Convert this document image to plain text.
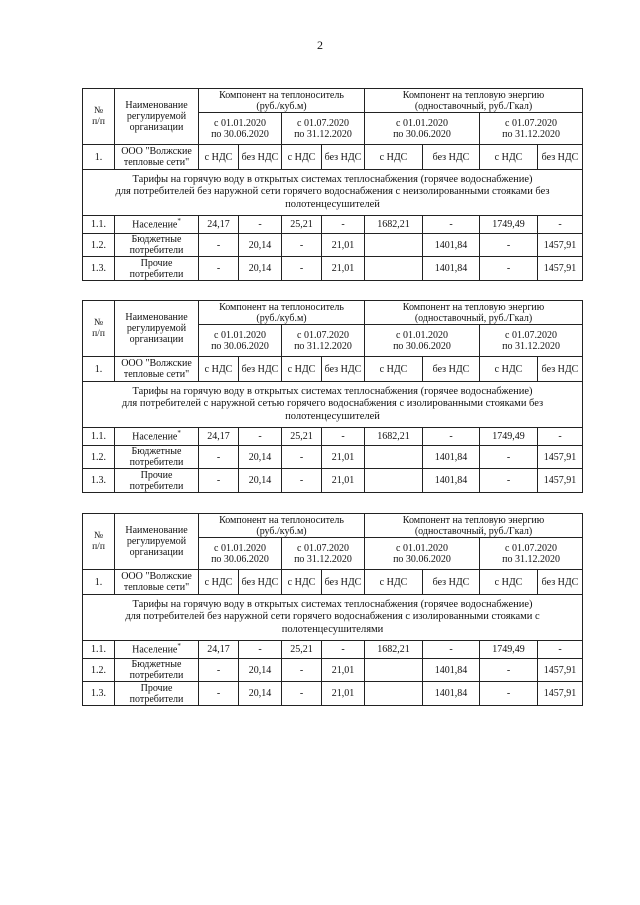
2
№
п/п	Наименование
регулируемой
организации	Компонент на теплоноситель
(руб./куб.м)				Компонент на тепловую энергию
(одноставочный, руб./Гкал)			
		с 01.01.2020
по 30.06.2020		с 01.07.2020
по 31.12.2020		с 01.01.2020
по 30.06.2020		с 01.07.2020
по 31.12.2020	
1.	ООО "Волжские
тепловые сети"	с НДС	без НДС	с НДС	без НДС	с НДС	без НДС	с НДС	без НДС
Тарифы на горячую воду в открытых системах теплоснабжения (горячее водоснабжение)
для потребителей без наружной сети горячего водоснабжения с неизолированными стояками без
полотенцесушителей									
1.1.	Население*	24,17	-	25,21	-	1682,21	-	1749,49	-
1.2.	Бюджетные
потребители	-	20,14	-	21,01		1401,84	-	1457,91
1.3.	Прочие
потребители	-	20,14	-	21,01		1401,84	-	1457,91
№
п/п	Наименование
регулируемой
организации	Компонент на теплоноситель
(руб./куб.м)				Компонент на тепловую энергию
(одноставочный, руб./Гкал)			
		с 01.01.2020
по 30.06.2020		с 01.07.2020
по 31.12.2020		с 01.01.2020
по 30.06.2020		с 01.07.2020
по 31.12.2020	
1.	ООО "Волжские
тепловые сети"	с НДС	без НДС	с НДС	без НДС	с НДС	без НДС	с НДС	без НДС
Тарифы на горячую воду в открытых системах теплоснабжения (горячее водоснабжение)
для потребителей с наружной сетью горячего водоснабжения с изолированными стояками без
полотенцесушителей									
1.1.	Население*	24,17	-	25,21	-	1682,21	-	1749,49	-
1.2.	Бюджетные
потребители	-	20,14	-	21,01		1401,84	-	1457,91
1.3.	Прочие
потребители	-	20,14	-	21,01		1401,84	-	1457,91
№
п/п	Наименование
регулируемой
организации	Компонент на теплоноситель
(руб./куб.м)				Компонент на тепловую энергию
(одноставочный, руб./Гкал)			
		с 01.01.2020
по 30.06.2020		с 01.07.2020
по 31.12.2020		с 01.01.2020
по 30.06.2020		с 01.07.2020
по 31.12.2020	
1.	ООО "Волжские
тепловые сети"	с НДС	без НДС	с НДС	без НДС	с НДС	без НДС	с НДС	без НДС
Тарифы на горячую воду в открытых системах теплоснабжения (горячее водоснабжение)
для потребителей без наружной сети горячего водоснабжения с изолированными стояками с
полотенцесушителями									
1.1.	Население*	24,17	-	25,21	-	1682,21	-	1749,49	-
1.2.	Бюджетные
потребители	-	20,14	-	21,01		1401,84	-	1457,91
1.3.	Прочие
потребители	-	20,14	-	21,01		1401,84	-	1457,91
